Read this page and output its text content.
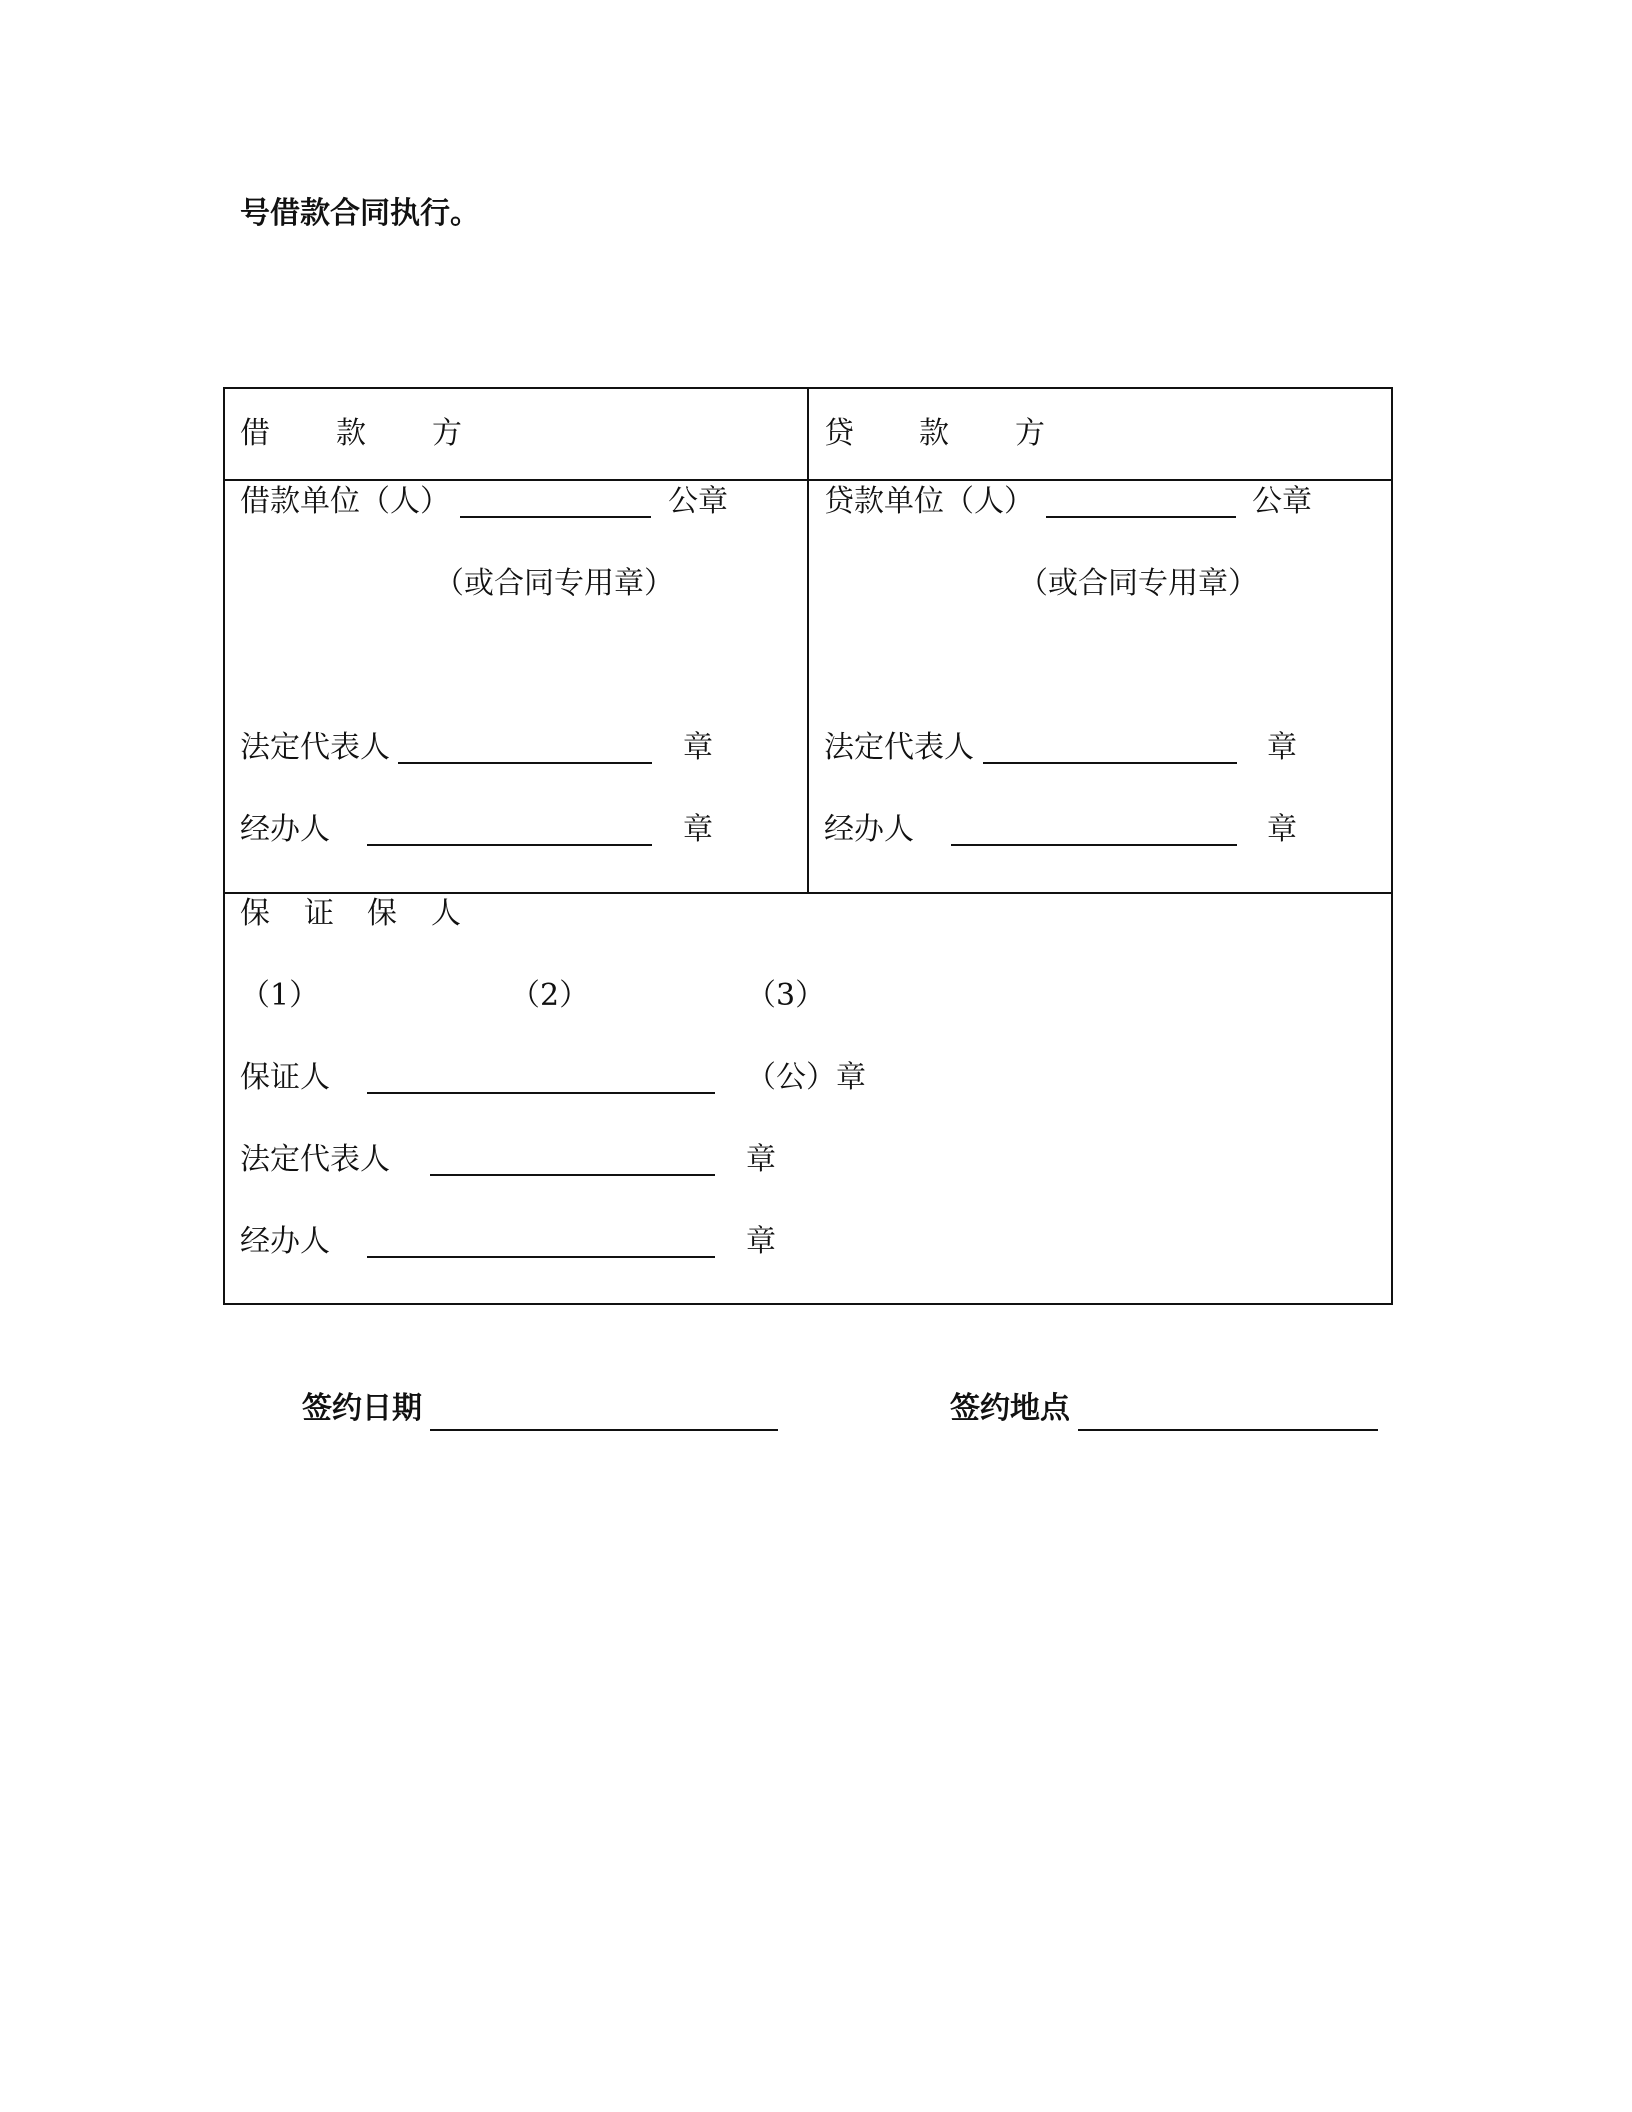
号借款合同执行。
借 款 方	贷 款 方
借款单位（人）	公章
（或合同专用章）
法定代表人	章
经办人	章
贷款单位（人）	公章
（或合同专用章）
法定代表人	章
经办人	章
保 证 保 人
（1）	（2）	（3）
保证人	（公）章
法定代表人	章
经办人	章
签约日期	签约地点
